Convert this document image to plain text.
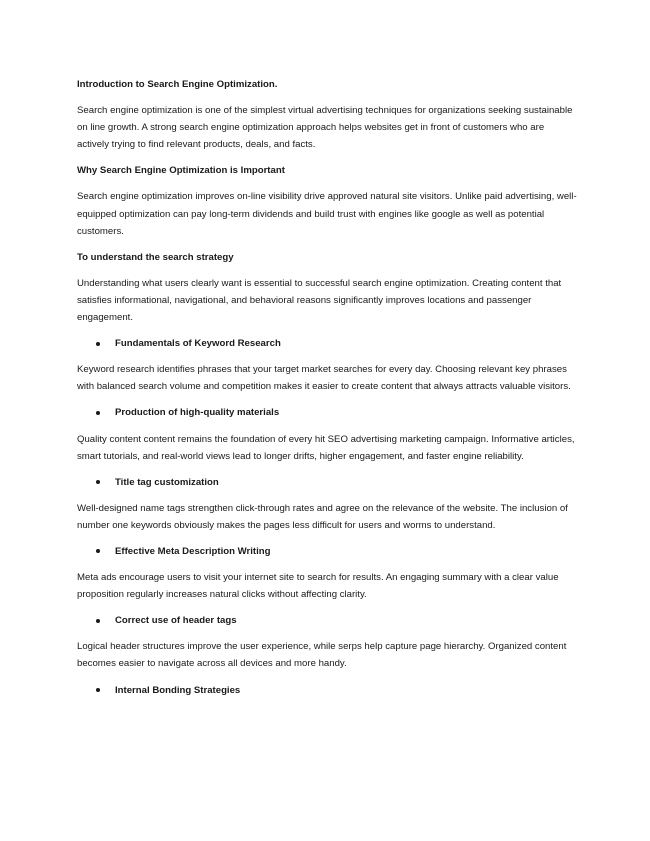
Introduction to Search Engine Optimization.

Search engine optimization is one of the simplest virtual advertising techniques for organizations seeking sustainable on line growth. A strong search engine optimization approach helps websites get in front of customers who are actively trying to find relevant products, deals, and facts.

Why Search Engine Optimization is Important

Search engine optimization improves on-line visibility drive approved natural site visitors. Unlike paid advertising, well-equipped optimization can pay long-term dividends and build trust with engines like google as well as potential customers.

To understand the search strategy

Understanding what users clearly want is essential to successful search engine optimization. Creating content that satisfies informational, navigational, and behavioral reasons significantly improves locations and passenger engagement.

Fundamentals of Keyword Research

Keyword research identifies phrases that your target market searches for every day. Choosing relevant key phrases with balanced search volume and competition makes it easier to create content that always attracts valuable visitors.

Production of high-quality materials

Quality content content remains the foundation of every hit SEO advertising marketing campaign. Informative articles, smart tutorials, and real-world views lead to longer drifts, higher engagement, and faster engine reliability.

Title tag customization

Well-designed name tags strengthen click-through rates and agree on the relevance of the website. The inclusion of number one keywords obviously makes the pages less difficult for users and worms to understand.

Effective Meta Description Writing

Meta ads encourage users to visit your internet site to search for results. An engaging summary with a clear value proposition regularly increases natural clicks without affecting clarity.

Correct use of header tags

Logical header structures improve the user experience, while serps help capture page hierarchy. Organized content becomes easier to navigate across all devices and more handy.

Internal Bonding Strategies
